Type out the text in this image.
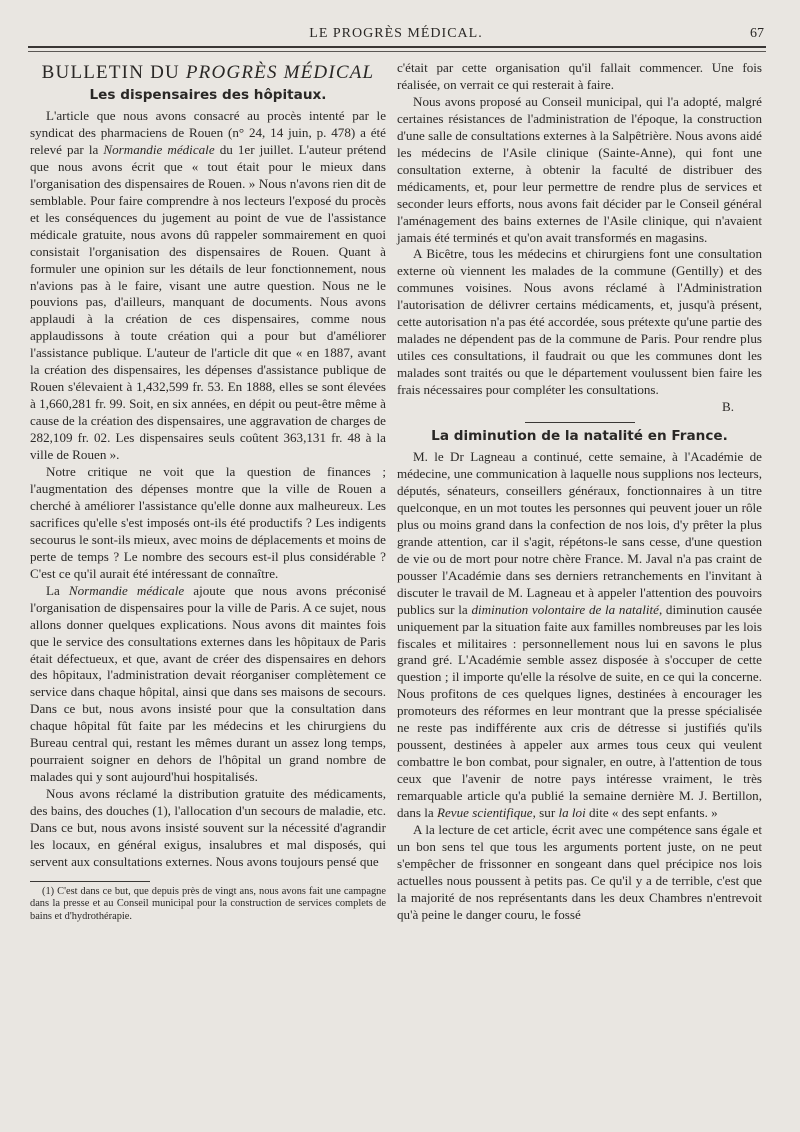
LE PROGRÈS MÉDICAL.	67
BULLETIN DU PROGRÈS MÉDICAL
Les dispensaires des hôpitaux.

L'article que nous avons consacré au procès intenté par le syndicat des pharmaciens de Rouen (n° 24, 14 juin, p. 478) a été relevé par la Normandie médicale du 1er juillet. L'auteur prétend que nous avons écrit que « tout était pour le mieux dans l'organisation des dispensaires de Rouen. » Nous n'avons rien dit de semblable. Pour faire comprendre à nos lecteurs l'exposé du procès et les conséquences du jugement au point de vue de l'assistance médicale gratuite, nous avons dû rappeler sommairement en quoi consistait l'organisation des dispensaires de Rouen. Quant à formuler une opinion sur les détails de leur fonctionnement, nous n'avions pas à le faire, visant une autre question. Nous ne le pouvions pas, d'ailleurs, manquant de documents. Nous avons applaudi à la création de ces dispensaires, comme nous applaudissons à toute création qui a pour but d'améliorer l'assistance publique. L'auteur de l'article dit que « en 1887, avant la création des dispensaires, les dépenses d'assistance publique de Rouen s'élevaient à 1,432,599 fr. 53. En 1888, elles se sont élevées à 1,660,281 fr. 99. Soit, en six années, en dépit ou peut-être même à cause de la création des dispensaires, une aggravation de charges de 282,109 fr. 02. Les dispensaires seuls coûtent 363,131 fr. 48 à la ville de Rouen ».

Notre critique ne voit que la question de finances ; l'augmentation des dépenses montre que la ville de Rouen a cherché à améliorer l'assistance qu'elle donne aux malheureux. Les sacrifices qu'elle s'est imposés ont-ils été productifs ? Les indigents secourus le sont-ils mieux, avec moins de déplacements et moins de perte de temps ? Le nombre des secours est-il plus considérable ? C'est ce qu'il aurait été intéressant de connaître.

La Normandie médicale ajoute que nous avons préconisé l'organisation de dispensaires pour la ville de Paris. A ce sujet, nous allons donner quelques explications. Nous avons dit maintes fois que le service des consultations externes dans les hôpitaux de Paris était défectueux, et que, avant de créer des dispensaires en dehors des hôpitaux, l'administration devait réorganiser complètement ce service dans chaque hôpital, ainsi que dans ses maisons de secours. Dans ce but, nous avons insisté pour que la consultation dans chaque hôpital fût faite par les médecins et les chirurgiens du Bureau central qui, restant les mêmes durant un assez long temps, pourraient soigner en dehors de l'hôpital un grand nombre de malades qui y sont aujourd'hui hospitalisés.

Nous avons réclamé la distribution gratuite des médicaments, des bains, des douches (1), l'allocation d'un secours de maladie, etc. Dans ce but, nous avons insisté souvent sur la nécessité d'agrandir les locaux, en général exigus, insalubres et mal disposés, qui servent aux consultations externes. Nous avons toujours pensé que

(1) C'est dans ce but, que depuis près de vingt ans, nous avons fait une campagne dans la presse et au Conseil municipal pour la construction de services complets de bains et d'hydrothérapie.

c'était par cette organisation qu'il fallait commencer. Une fois réalisée, on verrait ce qui resterait à faire.

Nous avons proposé au Conseil municipal, qui l'a adopté, malgré certaines résistances de l'administration de l'époque, la construction d'une salle de consultations externes à la Salpêtrière. Nous avons aidé les médecins de l'Asile clinique (Sainte-Anne), qui font une consultation externe, à obtenir la faculté de distribuer des médicaments, et, pour leur permettre de rendre plus de services et seconder leurs efforts, nous avons fait décider par le Conseil général l'aménagement des bains externes de l'Asile clinique, qui n'avaient jamais été terminés et qu'on avait transformés en magasins.

A Bicêtre, tous les médecins et chirurgiens font une consultation externe où viennent les malades de la commune (Gentilly) et des communes voisines. Nous avons réclamé à l'Administration l'autorisation de délivrer certains médicaments, et, jusqu'à présent, cette autorisation n'a pas été accordée, sous prétexte qu'une partie des malades ne dépendent pas de la commune de Paris. Pour rendre plus utiles ces consultations, il faudrait ou que les communes dont les malades sont traités ou que le département voulussent bien faire les frais nécessaires pour compléter les consultations.

B.
La diminution de la natalité en France.

M. le Dr Lagneau a continué, cette semaine, à l'Académie de médecine, une communication à laquelle nous supplions nos lecteurs, députés, sénateurs, conseillers généraux, fonctionnaires à un titre quelconque, en un mot toutes les personnes qui peuvent jouer un rôle plus ou moins grand dans la confection de nos lois, d'y prêter la plus grande attention, car il s'agit, répétons-le sans cesse, d'une question de vie ou de mort pour notre chère France. M. Javal n'a pas craint de pousser l'Académie dans ses derniers retranchements en l'invitant à discuter le travail de M. Lagneau et à appeler l'attention des pouvoirs publics sur la diminution volontaire de la natalité, diminution causée uniquement par la situation faite aux familles nombreuses par les lois fiscales et militaires : personnellement nous lui en savons le plus grand gré. L'Académie semble assez disposée à s'occuper de cette question ; il importe qu'elle la résolve de suite, en ce qui la concerne. Nous profitons de ces quelques lignes, destinées à encourager les promoteurs des réformes en leur montrant que la presse spécialisée ne reste pas indifférente aux cris de détresse si justifiés qu'ils poussent, destinées à appeler aux armes tous ceux qui veulent combattre le bon combat, pour signaler, en outre, à l'attention de tous ceux que l'avenir de notre pays intéresse vraiment, le très remarquable article qu'a publié la semaine dernière M. J. Bertillon, dans la Revue scientifique, sur la loi dite « des sept enfants. »

A la lecture de cet article, écrit avec une compétence sans égale et un bon sens tel que tous les arguments portent juste, on ne peut s'empêcher de frissonner en songeant dans quel précipice nos lois actuelles nous poussent à petits pas. Ce qu'il y a de terrible, c'est que la majorité de nos représentants dans les deux Chambres n'entrevoit qu'à peine le danger couru, le fossé
